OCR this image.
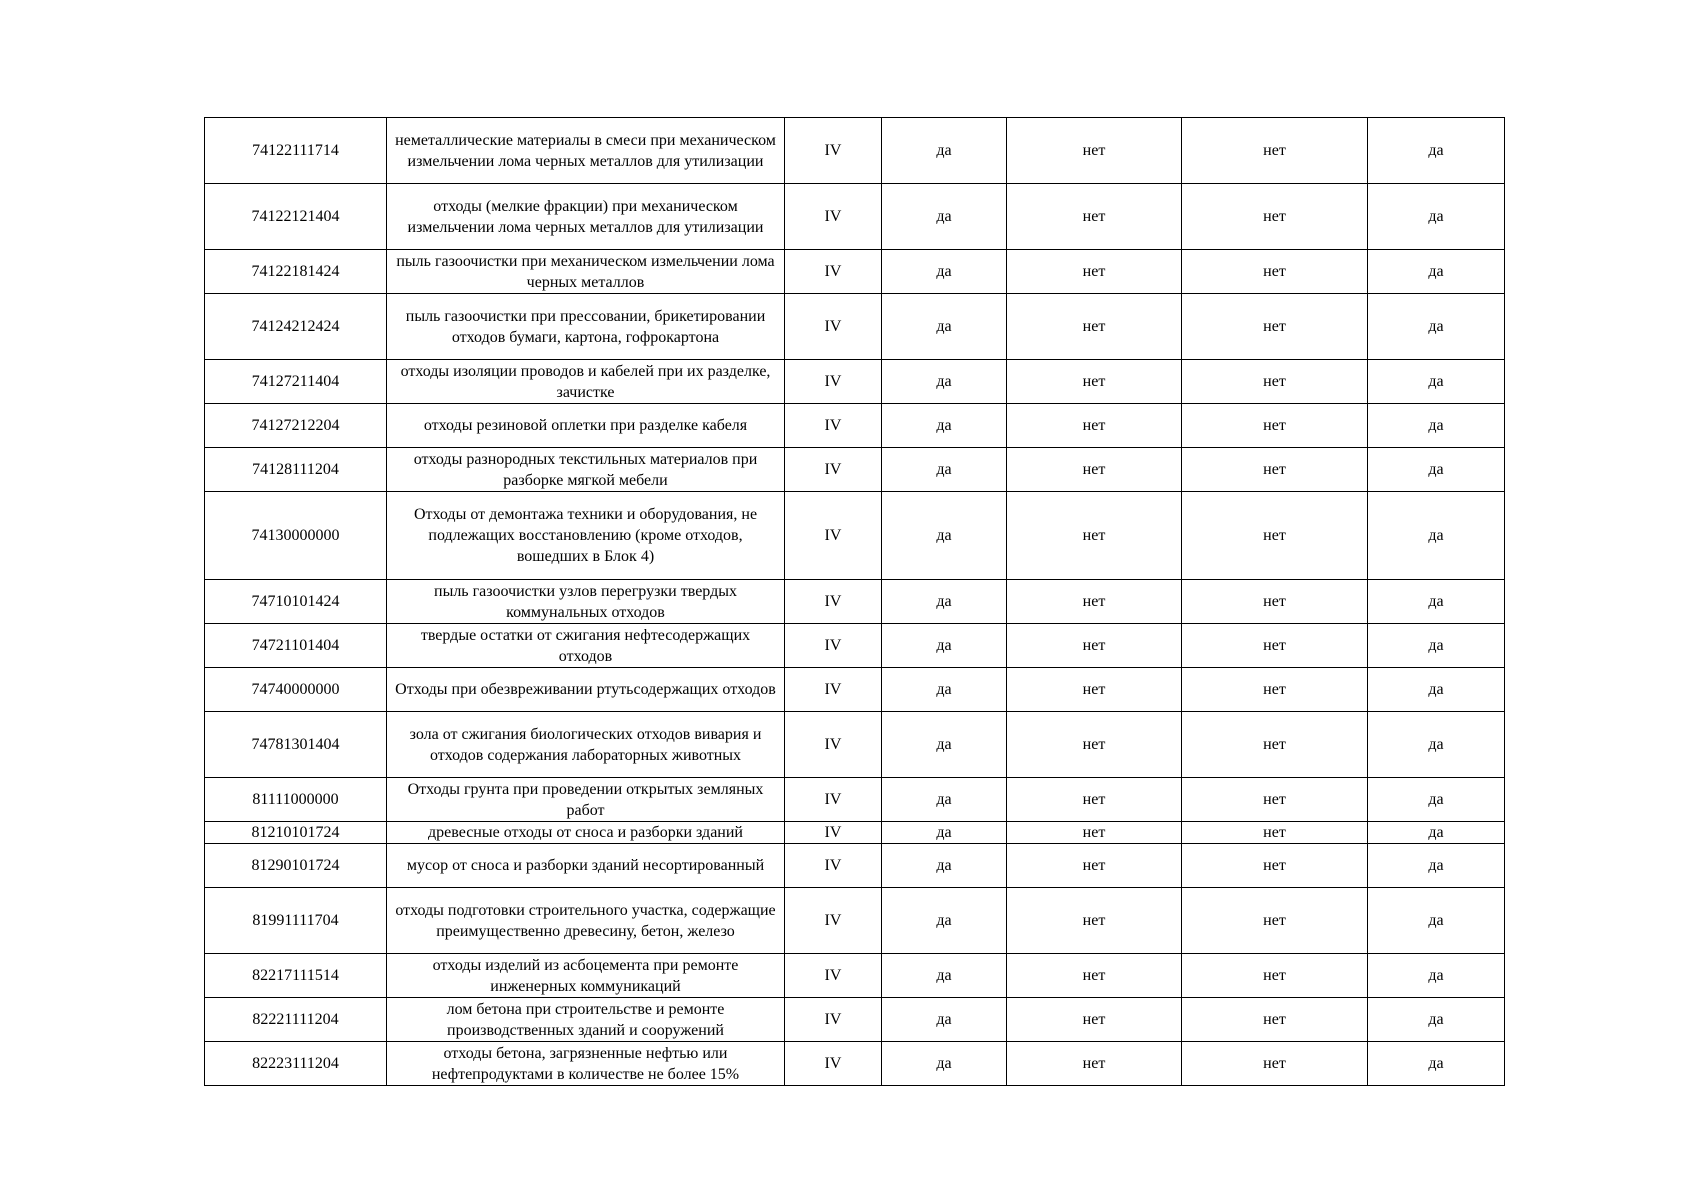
74122111714	неметаллические материалы в смеси при механическом измельчении лома черных металлов для утилизации	IV	да	нет	нет	да
74122121404	отходы (мелкие фракции) при механическом измельчении лома черных металлов для утилизации	IV	да	нет	нет	да
74122181424	пыль газоочистки при механическом измельчении лома черных металлов	IV	да	нет	нет	да
74124212424	пыль газоочистки при прессовании, брикетировании отходов бумаги, картона, гофрокартона	IV	да	нет	нет	да
74127211404	отходы изоляции проводов и кабелей при их разделке, зачистке	IV	да	нет	нет	да
74127212204	отходы резиновой оплетки при разделке кабеля	IV	да	нет	нет	да
74128111204	отходы разнородных текстильных материалов при разборке мягкой мебели	IV	да	нет	нет	да
74130000000	Отходы от демонтажа техники и оборудования, не подлежащих восстановлению (кроме отходов, вошедших в Блок 4)	IV	да	нет	нет	да
74710101424	пыль газоочистки узлов перегрузки твердых коммунальных отходов	IV	да	нет	нет	да
74721101404	твердые остатки от сжигания нефтесодержащих отходов	IV	да	нет	нет	да
74740000000	Отходы при обезвреживании ртутьсодержащих отходов	IV	да	нет	нет	да
74781301404	зола от сжигания биологических отходов вивария и отходов содержания лабораторных животных	IV	да	нет	нет	да
81111000000	Отходы грунта при проведении открытых земляных работ	IV	да	нет	нет	да
81210101724	древесные отходы от сноса и разборки зданий	IV	да	нет	нет	да
81290101724	мусор от сноса и разборки зданий несортированный	IV	да	нет	нет	да
81991111704	отходы подготовки строительного участка, содержащие преимущественно древесину, бетон, железо	IV	да	нет	нет	да
82217111514	отходы изделий из асбоцемента при ремонте инженерных коммуникаций	IV	да	нет	нет	да
82221111204	лом бетона при строительстве и ремонте производственных зданий и сооружений	IV	да	нет	нет	да
82223111204	отходы бетона, загрязненные нефтью или нефтепродуктами в количестве не более 15%	IV	да	нет	нет	да
